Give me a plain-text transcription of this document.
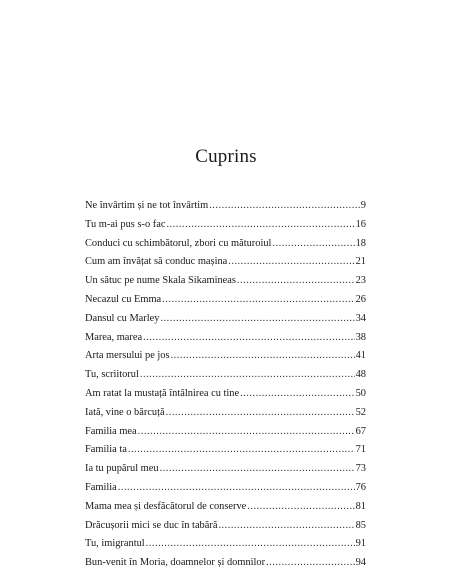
Cuprins
Ne învârtim și ne tot învârtim .....	9
Tu m-ai pus s-o fac .....	16
Conduci cu schimbătorul, zbori cu măturoiul .....	18
Cum am învățat să conduc mașina .....	21
Un sătuc pe nume Skala Sikamineas .....	23
Necazul cu Emma .....	26
Dansul cu Marley .....	34
Marea, marea .....	38
Arta mersului pe jos .....	41
Tu, scriitorul .....	48
Am ratat la mustață întâlnirea cu tine .....	50
Iată, vine o bărcuță .....	52
Familia mea .....	67
Familia ta .....	71
Ia tu pupărul meu .....	73
Familia .....	76
Mama mea și desfăcătorul de conserve .....	81
Drăcușorii mici se duc în tabără .....	85
Tu, imigrantul .....	91
Bun-venit în Moria, doamnelor și domnilor .....	94
